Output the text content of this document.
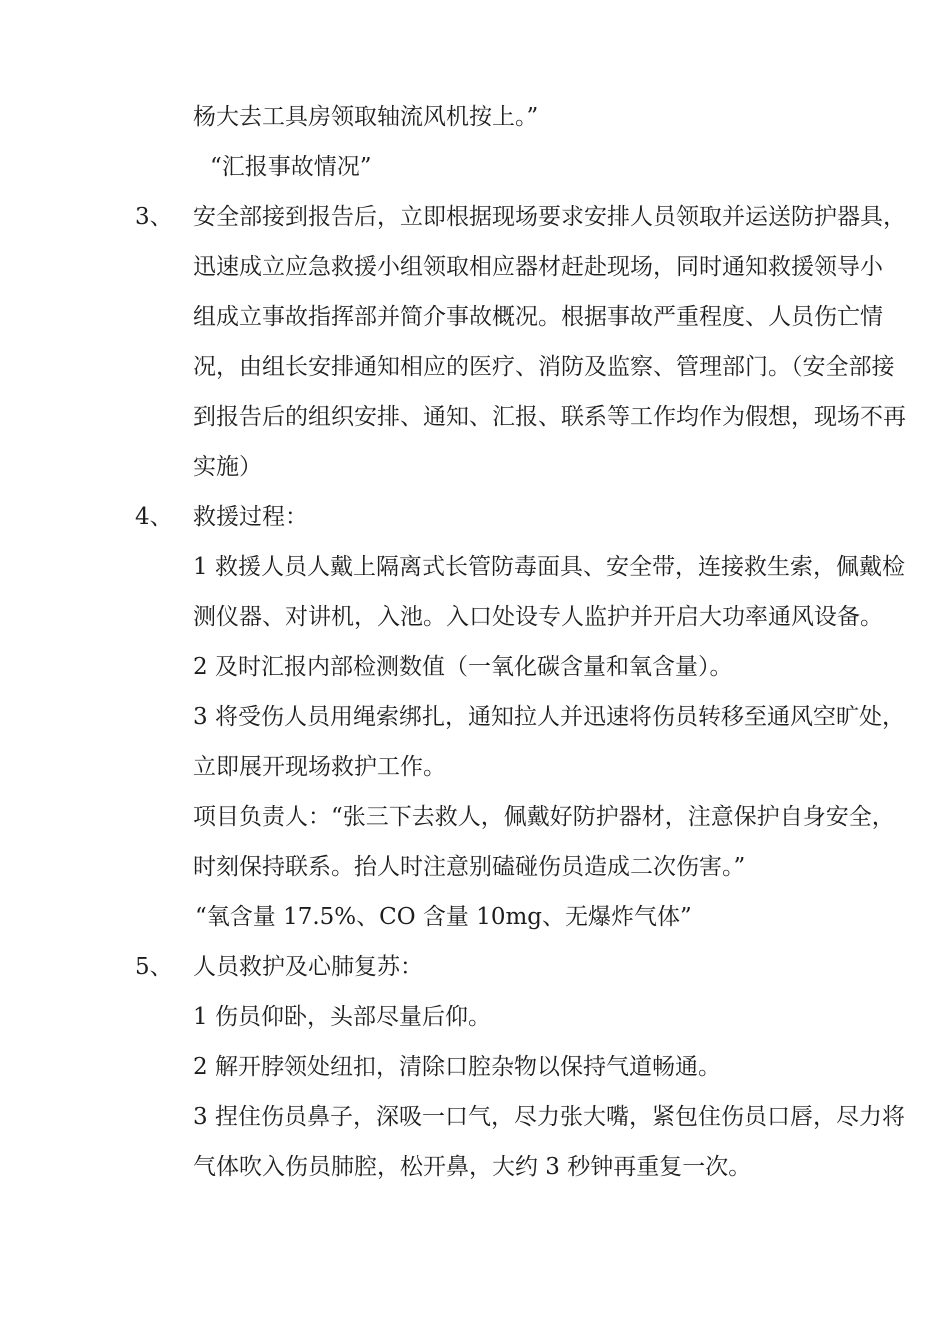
杨大去工具房领取轴流风机按上。”
“汇报事故情况”
3、 安全部接到报告后，立即根据现场要求安排人员领取并运送防护器具，
迅速成立应急救援小组领取相应器材赶赴现场，同时通知救援领导小
组成立事故指挥部并简介事故概况。根据事故严重程度、人员伤亡情
况，由组长安排通知相应的医疗、消防及监察、管理部门。（安全部接
到报告后的组织安排、通知、汇报、联系等工作均作为假想，现场不再
实施）
4、 救援过程：
1 救援人员人戴上隔离式长管防毒面具、安全带，连接救生索，佩戴检
测仪器、对讲机，入池。入口处设专人监护并开启大功率通风设备。
2 及时汇报内部检测数值（一氧化碳含量和氧含量）。
3 将受伤人员用绳索绑扎，通知拉人并迅速将伤员转移至通风空旷处，
立即展开现场救护工作。
项目负责人：“张三下去救人，佩戴好防护器材，注意保护自身安全，
时刻保持联系。抬人时注意别磕碰伤员造成二次伤害。”
“氧含量 17.5%、CO 含量 10mg、无爆炸气体”
5、 人员救护及心肺复苏：
1 伤员仰卧，头部尽量后仰。
2 解开脖领处纽扣，清除口腔杂物以保持气道畅通。
3 捏住伤员鼻子，深吸一口气，尽力张大嘴，紧包住伤员口唇，尽力将
气体吹入伤员肺腔，松开鼻，大约 3 秒钟再重复一次。
